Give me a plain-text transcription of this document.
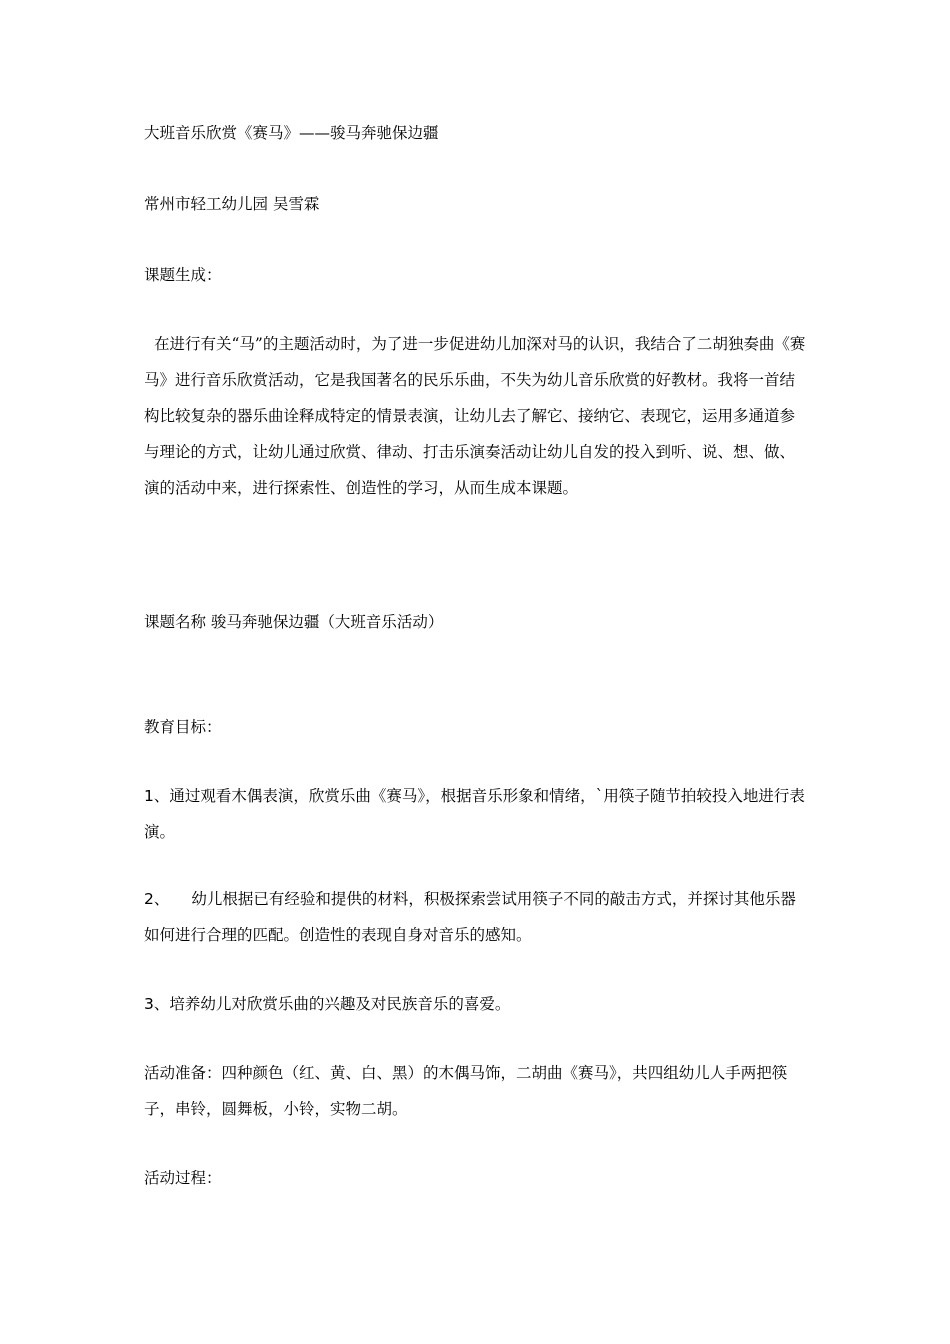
大班音乐欣赏《赛马》——骏马奔驰保边疆

常州市轻工幼儿园 吴雪霖

课题生成：

在进行有关“马”的主题活动时，为了进一步促进幼儿加深对马的认识，我结合了二胡独奏曲《赛马》进行音乐欣赏活动，它是我国著名的民乐乐曲，不失为幼儿音乐欣赏的好教材。我将一首结构比较复杂的器乐曲诠释成特定的情景表演，让幼儿去了解它、接纳它、表现它，运用多通道参与理论的方式，让幼儿通过欣赏、律动、打击乐演奏活动让幼儿自发的投入到听、说、想、做、演的活动中来，进行探索性、创造性的学习，从而生成本课题。

课题名称 骏马奔驰保边疆（大班音乐活动）

教育目标：

1、通过观看木偶表演，欣赏乐曲《赛马》，根据音乐形象和情绪，`用筷子随节拍较投入地进行表演。

2、 幼儿根据已有经验和提供的材料，积极探索尝试用筷子不同的敲击方式，并探讨其他乐器如何进行合理的匹配。创造性的表现自身对音乐的感知。

3、培养幼儿对欣赏乐曲的兴趣及对民族音乐的喜爱。

活动准备：四种颜色（红、黄、白、黑）的木偶马饰，二胡曲《赛马》，共四组幼儿人手两把筷子，串铃，圆舞板，小铃，实物二胡。

活动过程：
